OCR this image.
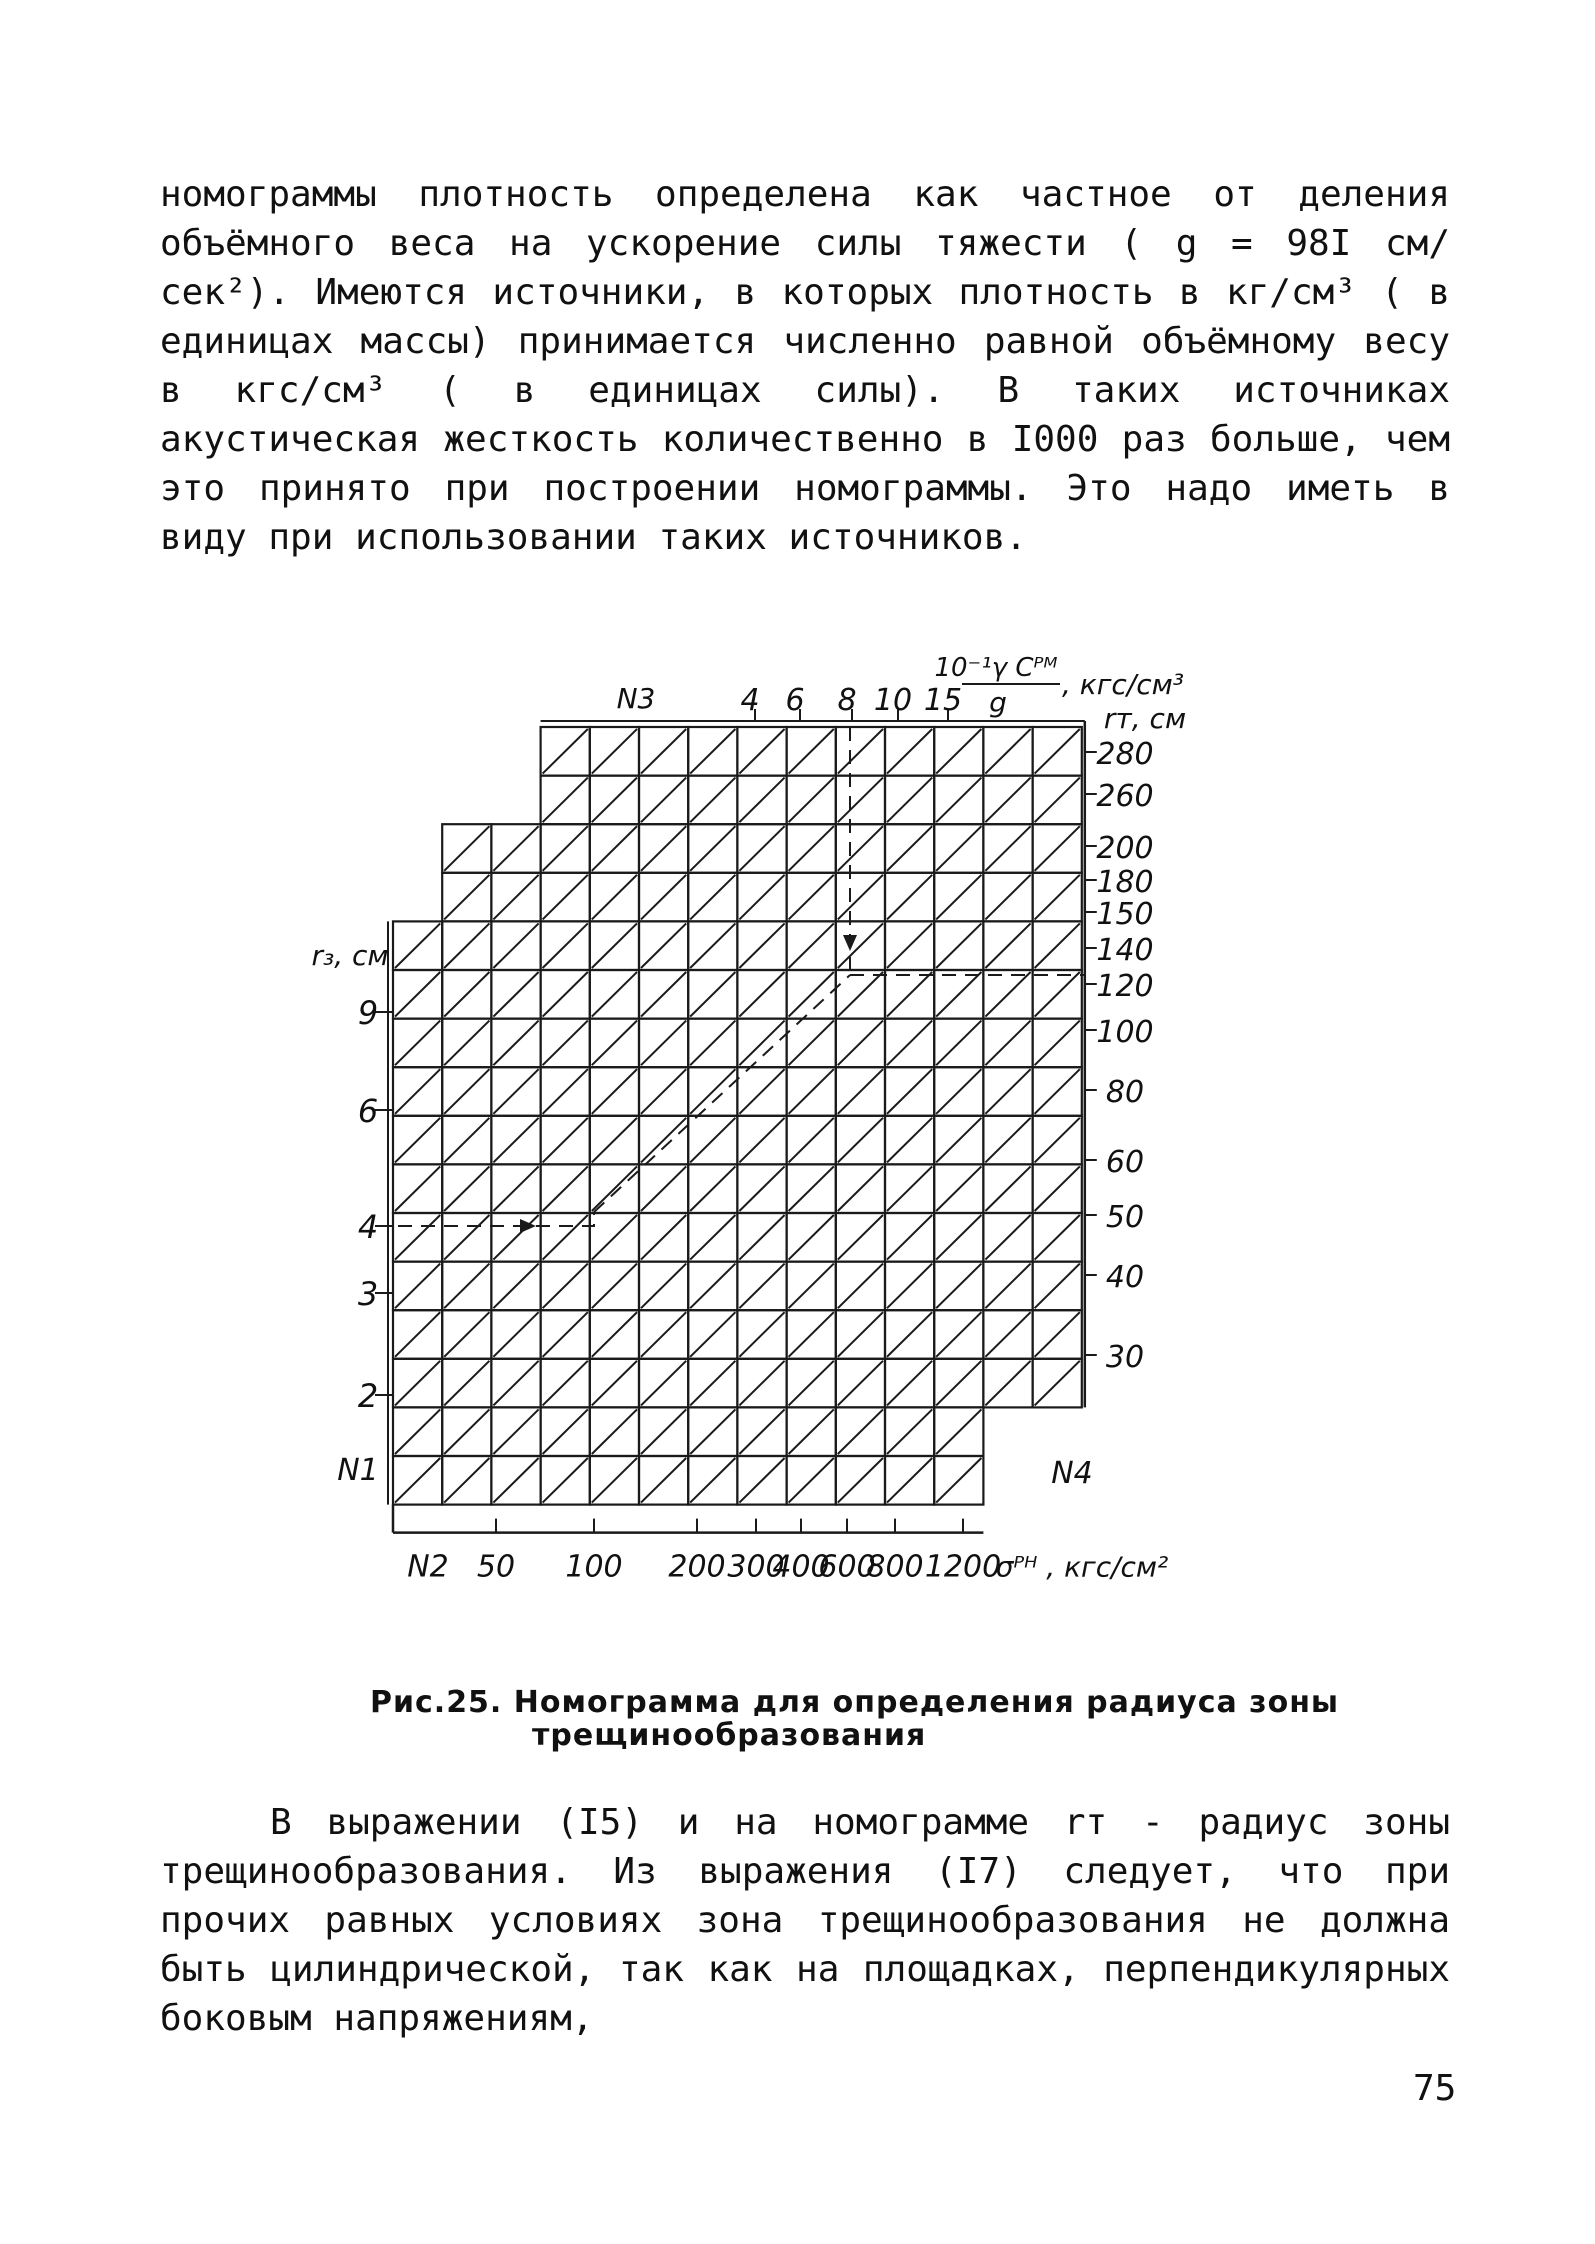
номограммы плотность определена как частное от деления объёмного веса на ускорение силы тяжести ( g = 98I см/сек²). Имеются источники, в которых плотность в кг/см³ ( в единицах массы) принимается численно равной объёмному весу в кгс/см³ ( в единицах силы). В таких источниках акустическая жесткость количественно в I000 раз больше, чем это принято при построении номограммы. Это надо иметь в виду при использовании таких источников.

4 6 8 10 15
N3
10⁻¹γ Cᴾᴹ
g
, кгс/см³
rт, см
280
260
200
180
150
140
120
100
80
60
50
40
30
r₃, см
9
6
4
3
2
N1	N4
50 100 200 300
400
600
800 1200
N2	σᴾᴴ , кгс/см²
Рис.25. Номограмма для определения радиуса зоны
трещинообразования

В выражении (I5) и на номограмме rт - радиус зоны трещинообразования. Из выражения (I7) следует, что при прочих равных условиях зона трещинообразования не должна быть цилиндрической, так как на площадках, перпендикулярных боковым напряжениям,

75
